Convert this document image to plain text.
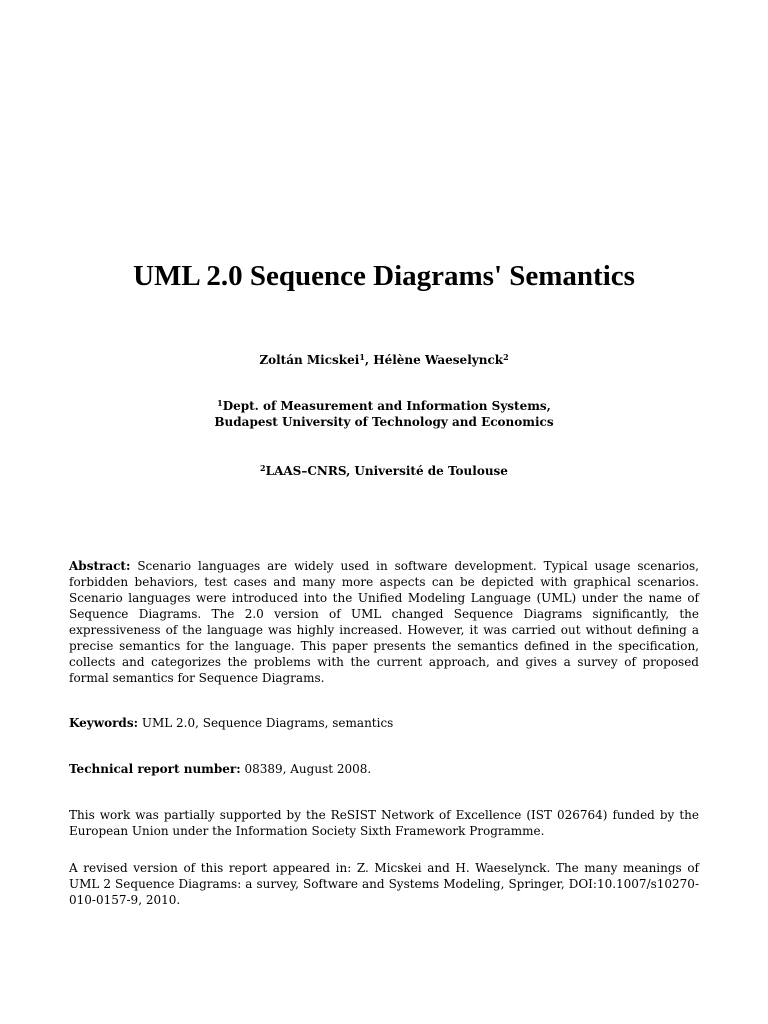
UML 2.0 Sequence Diagrams' Semantics
Zoltán Micskei$^1$, Hélène Waeselynck$^2$
$^1$Dept. of Measurement and Information Systems,
Budapest University of Technology and Economics
$^2$LAAS–CNRS, Université de Toulouse

Abstract: Scenario languages are widely used in software development. Typical usage scenarios, forbidden behaviors, test cases and many more aspects can be depicted with graphical scenarios. Scenario languages were introduced into the Unified Modeling Language (UML) under the name of Sequence Diagrams. The 2.0 version of UML changed Sequence Diagrams significantly, the expressiveness of the language was highly increased. However, it was carried out without defining a precise semantics for the language. This paper presents the semantics defined in the specification, collects and categorizes the problems with the current approach, and gives a survey of proposed formal semantics for Sequence Diagrams.

Keywords: UML 2.0, Sequence Diagrams, semantics

Technical report number: 08389, August 2008.

This work was partially supported by the ReSIST Network of Excellence (IST 026764) funded by the European Union under the Information Society Sixth Framework Programme.

A revised version of this report appeared in: Z. Micskei and H. Waeselynck. The many meanings of UML 2 Sequence Diagrams: a survey, Software and Systems Modeling, Springer, DOI:10.1007/s10270-010-0157-9, 2010.
